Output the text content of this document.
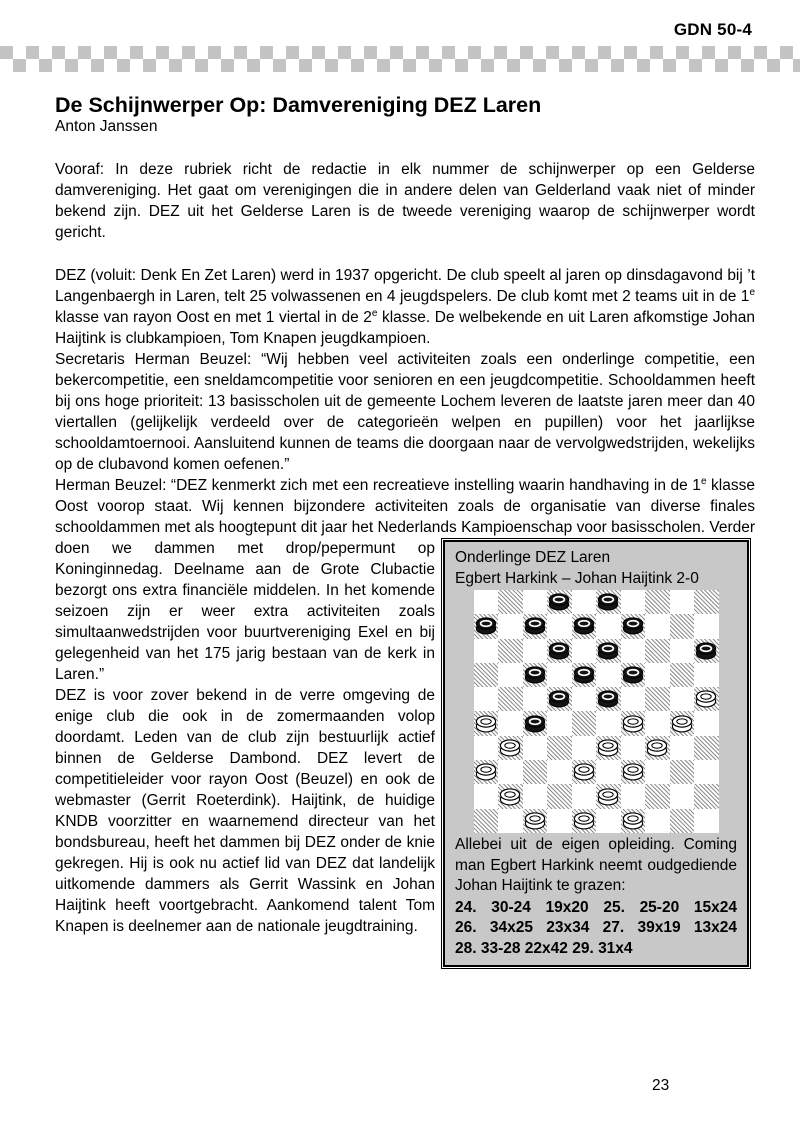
GDN 50-4
De Schijnwerper Op: Damvereniging DEZ Laren

Anton Janssen

Vooraf: In deze rubriek richt de redactie in elk nummer de schijnwerper op een Gelderse damvereniging. Het gaat om verenigingen die in andere delen van Gelderland vaak niet of minder bekend zijn. DEZ uit het Gelderse Laren is de tweede vereniging waarop de schijnwerper wordt gericht.

DEZ (voluit: Denk En Zet Laren) werd in 1937 opgericht. De club speelt al jaren op dinsdagavond bij ’t Langenbaergh in Laren, telt 25 volwassenen en 4 jeugdspelers. De club komt met 2 teams uit in de 1e klasse van rayon Oost en met 1 viertal in de 2e klasse. De welbekende en uit Laren afkomstige Johan Haijtink is clubkampioen, Tom Knapen jeugdkampioen.

Secretaris Herman Beuzel: “Wij hebben veel activiteiten zoals een onderlinge competitie, een bekercompetitie, een sneldamcompetitie voor senioren en een jeugdcompetitie. Schooldammen heeft bij ons hoge prioriteit: 13 basisscholen uit de gemeente Lochem leveren de laatste jaren meer dan 40 viertallen (gelijkelijk verdeeld over de categorieën welpen en pupillen) voor het jaarlijkse schooldamtoernooi. Aansluitend kunnen de teams die doorgaan naar de vervolgwedstrijden, wekelijks op de clubavond komen oefenen.”

Herman Beuzel: “DEZ kenmerkt zich met een recreatieve instelling waarin handhaving in de 1e klasse Oost voorop staat. Wij kennen bijzondere activiteiten zoals de organisatie van diverse finales schooldammen met als hoogtepunt dit jaar het Nederlands Kampioenschap
Onderlinge DEZ Laren
Egbert Harkink – Johan Haijtink 2-0
Allebei uit de eigen opleiding. Coming man Egbert Harkink neemt oudgediende Johan Haijtink te grazen:
24. 30-24 19x20 25. 25-20 15x24
26. 34x25 23x34 27. 39x19 13x24
28. 33-28 22x42 29. 31x4
voor basisscholen. Verder doen we dammen met drop/pepermunt op Koninginnedag. Deelname aan de Grote Clubactie bezorgt ons extra financiële middelen. In het komende seizoen zijn er weer extra activiteiten zoals simultaanwedstrijden voor buurtvereniging Exel en bij gelegenheid van het 175 jarig bestaan van de kerk in Laren.”

DEZ is voor zover bekend in de verre omgeving de enige club die ook in de zomermaanden volop doordamt. Leden van de club zijn bestuurlijk actief binnen de Gelderse Dambond. DEZ levert de competitieleider voor rayon Oost (Beuzel) en ook de webmaster (Gerrit Roeterdink). Haijtink, de huidige KNDB voorzitter en waarnemend directeur van het bondsbureau, heeft het dammen bij DEZ onder de knie gekregen. Hij is ook nu actief lid van DEZ dat landelijk uitkomende dammers als Gerrit Wassink en Johan Haijtink heeft voortgebracht. Aankomend talent Tom Knapen is deelnemer aan de nationale jeugdtraining.

23
